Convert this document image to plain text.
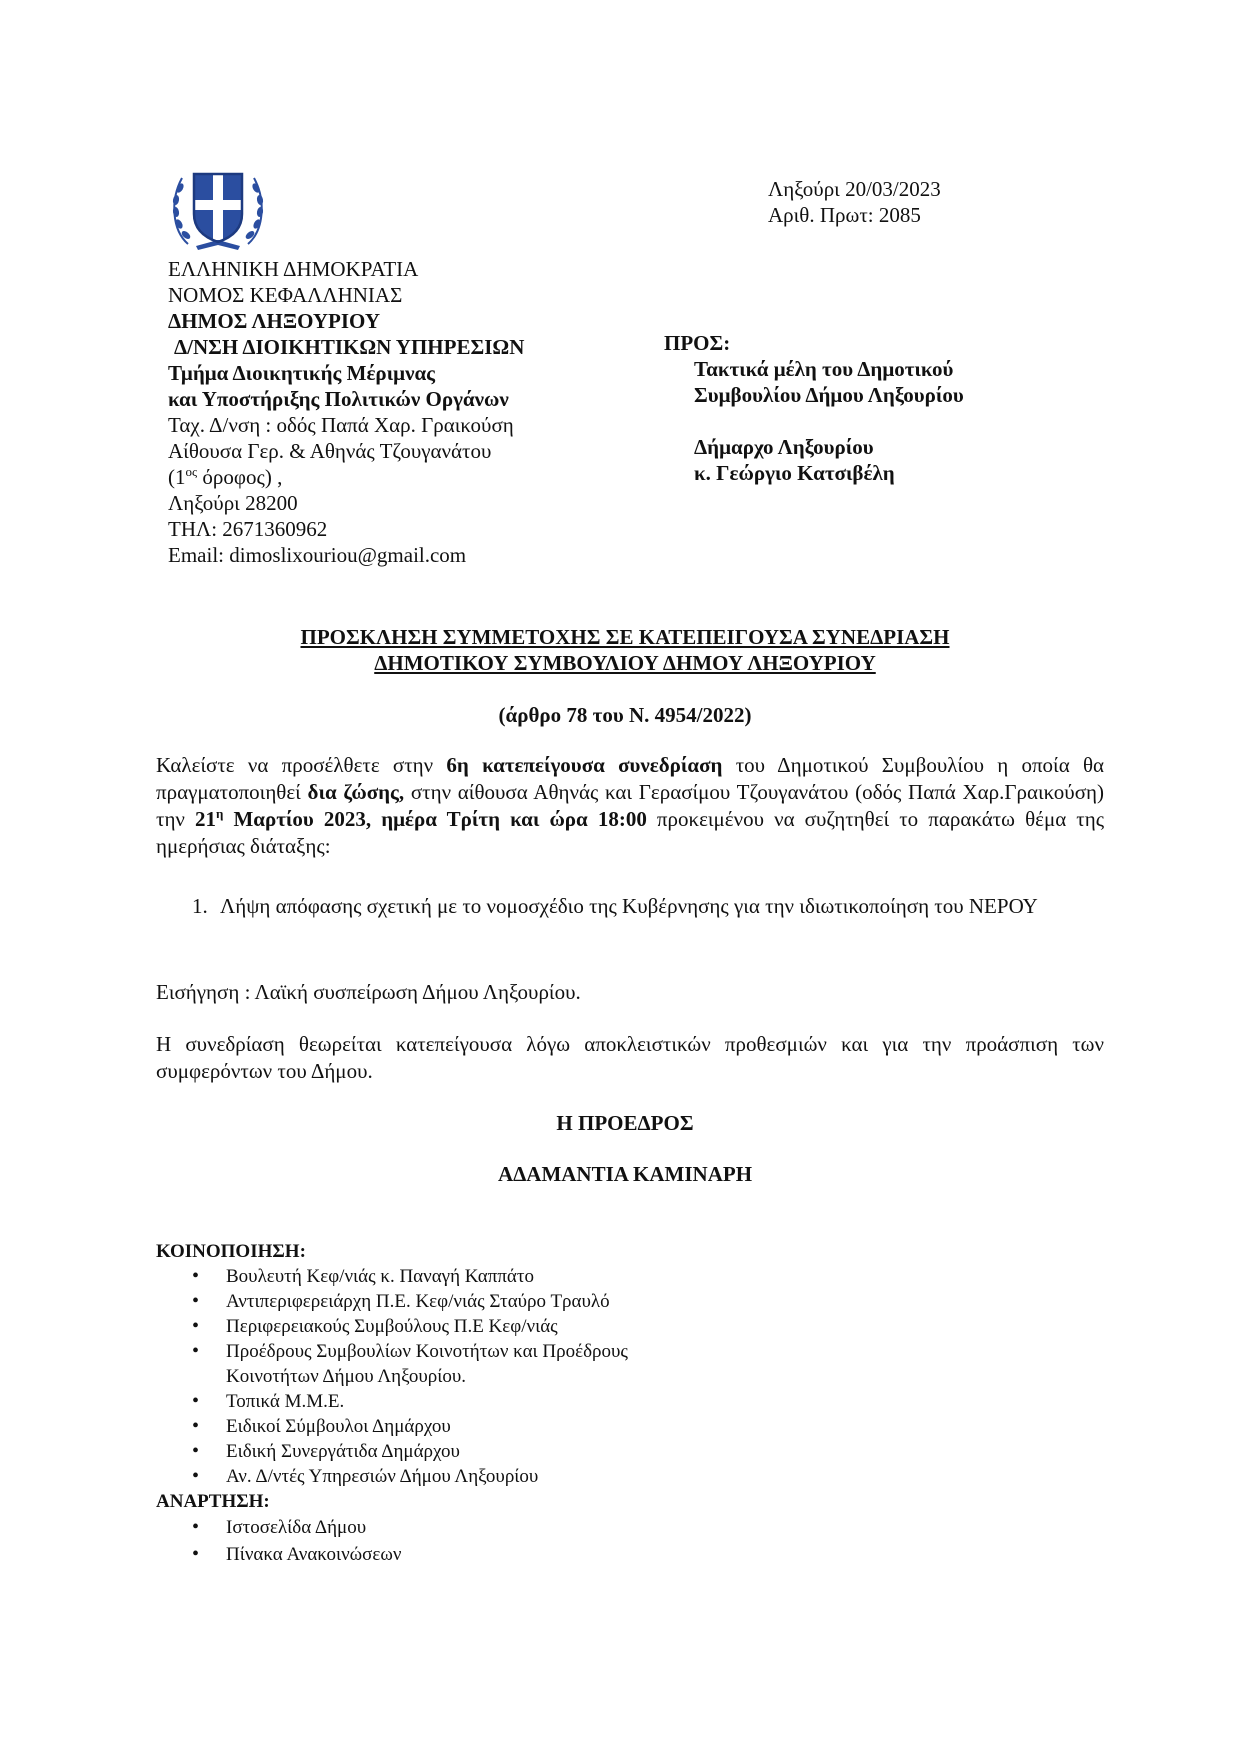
ΕΛΛΗΝΙΚΗ ΔΗΜΟΚΡΑΤΙΑ
ΝΟΜΟΣ ΚΕΦΑΛΛΗΝΙΑΣ
ΔΗΜΟΣ ΛΗΞΟΥΡΙΟΥ
Δ/ΝΣΗ ΔΙΟΙΚΗΤΙΚΩΝ ΥΠΗΡΕΣΙΩΝ
Τμήμα Διοικητικής Μέριμνας
και Υποστήριξης Πολιτικών Οργάνων
Ταχ. Δ/νση : οδός Παπά Χαρ. Γραικούση
Αίθουσα Γερ. & Αθηνάς Τζουγανάτου
($1^{o\varsigma}$ όροφος) ,
Ληξούρι 28200
ΤΗΛ: 2671360962
Email: dimoslixouriou@gmail.com
Ληξούρι 20/03/2023
Αριθ. Πρωτ: 2085
ΠΡΟΣ:
Τακτικά μέλη του Δημοτικού
Συμβουλίου Δήμου Ληξουρίου
Δήμαρχο Ληξουρίου
κ. Γεώργιο Κατσιβέλη
ΠΡΟΣΚΛΗΣΗ ΣΥΜΜΕΤΟΧΗΣ ΣΕ ΚΑΤΕΠΕΙΓΟΥΣΑ ΣΥΝΕΔΡΙΑΣΗ
ΔΗΜΟΤΙΚΟΥ ΣΥΜΒΟΥΛΙΟΥ ΔΗΜΟΥ ΛΗΞΟΥΡΙΟΥ
(άρθρο 78 του Ν. 4954/2022)
Καλείστε να προσέλθετε στην 6η κατεπείγουσα συνεδρίαση του Δημοτικού Συμβουλίου η οποία θα πραγματοποιηθεί δια ζώσης, στην αίθουσα Αθηνάς και Γερασίμου Τζουγανάτου (οδός Παπά Χαρ.Γραικούση) την $21^\eta$ Μαρτίου 2023, ημέρα Τρίτη και ώρα 18:00 προκειμένου να συζητηθεί το παρακάτω θέμα της ημερήσιας διάταξης:
1. Λήψη απόφασης σχετική με το νομοσχέδιο της Κυβέρνησης για την ιδιωτικοποίηση του ΝΕΡΟΥ
Εισήγηση : Λαϊκή συσπείρωση Δήμου Ληξουρίου.
Η συνεδρίαση θεωρείται κατεπείγουσα λόγω αποκλειστικών προθεσμιών και για την προάσπιση των συμφερόντων του Δήμου.
Η ΠΡΟΕΔΡΟΣ
ΑΔΑΜΑΝΤΙΑ ΚΑΜΙΝΑΡΗ
ΚΟΙΝΟΠΟΙΗΣΗ:
• Βουλευτή Κεφ/νιάς κ. Παναγή Καππάτο
• Αντιπεριφερειάρχη Π.Ε. Κεφ/νιάς Σταύρο Τραυλό
• Περιφερειακούς Συμβούλους Π.Ε Κεφ/νιάς
• Προέδρους Συμβουλίων Κοινοτήτων και Προέδρους
Κοινοτήτων Δήμου Ληξουρίου.
• Τοπικά Μ.Μ.Ε.
• Ειδικοί Σύμβουλοι Δημάρχου
• Ειδική Συνεργάτιδα Δημάρχου
• Αν. Δ/ντές Υπηρεσιών Δήμου Ληξουρίου
ΑΝΑΡΤΗΣΗ:
• Ιστοσελίδα Δήμου
• Πίνακα Ανακοινώσεων
